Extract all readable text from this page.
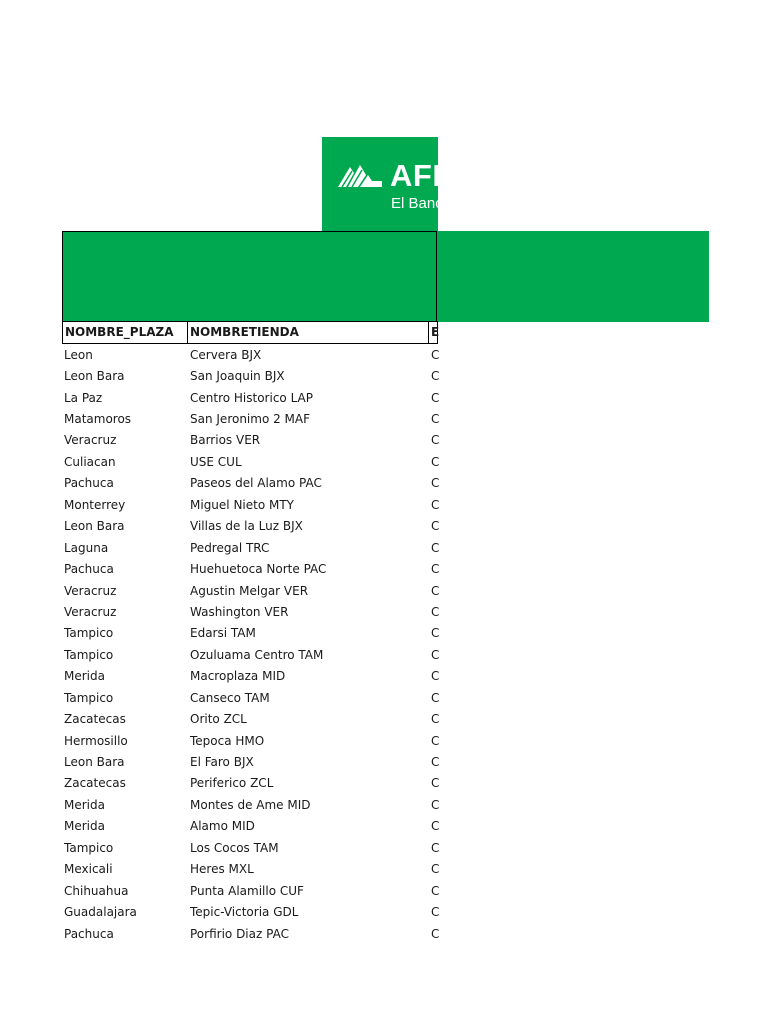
AFIRME
El Banco de la Familia
NOMBRE_PLAZA	NOMBRETIENDA	E
Leon	Cervera BJX	C
Leon Bara	San Joaquin BJX	C
La Paz	Centro Historico LAP	C
Matamoros	San Jeronimo 2 MAF	C
Veracruz	Barrios VER	C
Culiacan	USE CUL	C
Pachuca	Paseos del Alamo PAC	C
Monterrey	Miguel Nieto MTY	C
Leon Bara	Villas de la Luz BJX	C
Laguna	Pedregal TRC	C
Pachuca	Huehuetoca Norte PAC	C
Veracruz	Agustin Melgar VER	C
Veracruz	Washington VER	C
Tampico	Edarsi TAM	C
Tampico	Ozuluama Centro TAM	C
Merida	Macroplaza MID	C
Tampico	Canseco TAM	C
Zacatecas	Orito ZCL	C
Hermosillo	Tepoca HMO	C
Leon Bara	El Faro BJX	C
Zacatecas	Periferico ZCL	C
Merida	Montes de Ame MID	C
Merida	Alamo MID	C
Tampico	Los Cocos TAM	C
Mexicali	Heres MXL	C
Chihuahua	Punta Alamillo CUF	C
Guadalajara	Tepic-Victoria GDL	C
Pachuca	Porfirio Diaz PAC	C
